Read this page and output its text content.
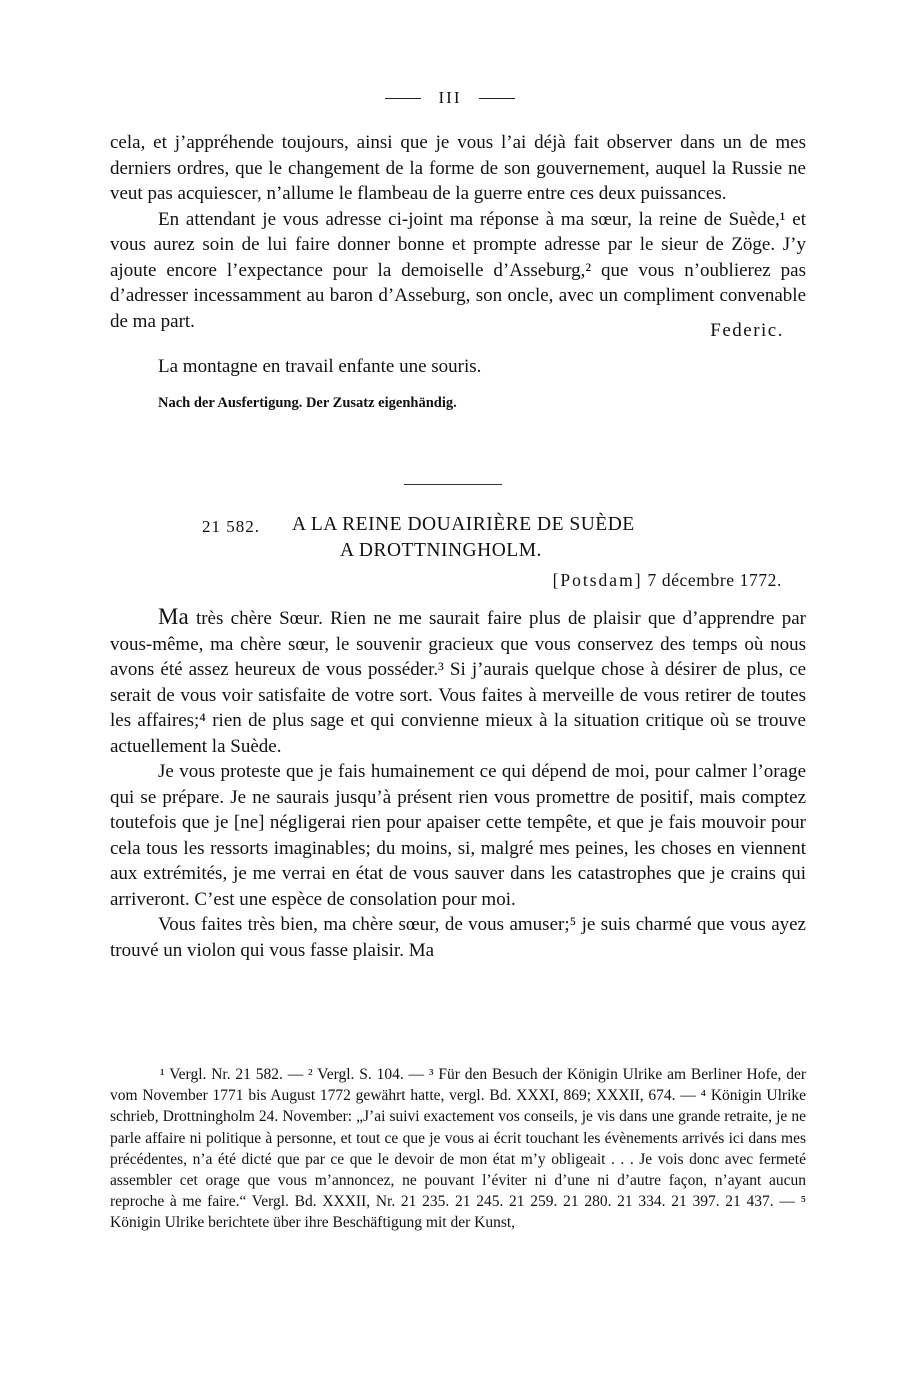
III

cela, et j’appréhende toujours, ainsi que je vous l’ai déjà fait observer dans un de mes derniers ordres, que le changement de la forme de son gouvernement, auquel la Russie ne veut pas acquiescer, n’allume le flambeau de la guerre entre ces deux puissances.

En attendant je vous adresse ci-joint ma réponse à ma sœur, la reine de Suède,¹ et vous aurez soin de lui faire donner bonne et prompte adresse par le sieur de Zöge. J’y ajoute encore l’expectance pour la demoiselle d’Asseburg,² que vous n’oublierez pas d’adresser incessamment au baron d’Asseburg, son oncle, avec un compliment convenable de ma part.	Federic.

La montagne en travail enfante une souris.

Nach der Ausfertigung. Der Zusatz eigenhändig.

21 582. A LA REINE DOUAIRIÈRE DE SUÈDE
A DROTTNINGHOLM.
[Potsdam] 7 décembre 1772.

Ma très chère Sœur. Rien ne me saurait faire plus de plaisir que d’apprendre par vous-même, ma chère sœur, le souvenir gracieux que vous conservez des temps où nous avons été assez heureux de vous posséder.³ Si j’aurais quelque chose à désirer de plus, ce serait de vous voir satisfaite de votre sort. Vous faites à merveille de vous retirer de toutes les affaires;⁴ rien de plus sage et qui convienne mieux à la situation critique où se trouve actuellement la Suède.

Je vous proteste que je fais humainement ce qui dépend de moi, pour calmer l’orage qui se prépare. Je ne saurais jusqu’à présent rien vous promettre de positif, mais comptez toutefois que je [ne] négligerai rien pour apaiser cette tempête, et que je fais mouvoir pour cela tous les ressorts imaginables; du moins, si, malgré mes peines, les choses en viennent aux extrémités, je me verrai en état de vous sauver dans les catastrophes que je crains qui arriveront. C’est une espèce de consolation pour moi.

Vous faites très bien, ma chère sœur, de vous amuser;⁵ je suis charmé que vous ayez trouvé un violon qui vous fasse plaisir. Ma

¹ Vergl. Nr. 21 582. — ² Vergl. S. 104. — ³ Für den Besuch der Königin Ulrike am Berliner Hofe, der vom November 1771 bis August 1772 gewährt hatte, vergl. Bd. XXXI, 869; XXXII, 674. — ⁴ Königin Ulrike schrieb, Drottningholm 24. November: „J’ai suivi exactement vos conseils, je vis dans une grande retraite, je ne parle affaire ni politique à personne, et tout ce que je vous ai écrit touchant les évènements arrivés ici dans mes précédentes, n’a été dicté que par ce que le devoir de mon état m’y obligeait . . . Je vois donc avec fermeté assembler cet orage que vous m’annoncez, ne pouvant l’éviter ni d’une ni d’autre façon, n’ayant aucun reproche à me faire.“ Vergl. Bd. XXXII, Nr. 21 235. 21 245. 21 259. 21 280. 21 334. 21 397. 21 437. — ⁵ Königin Ulrike berichtete über ihre Beschäftigung mit der Kunst,
